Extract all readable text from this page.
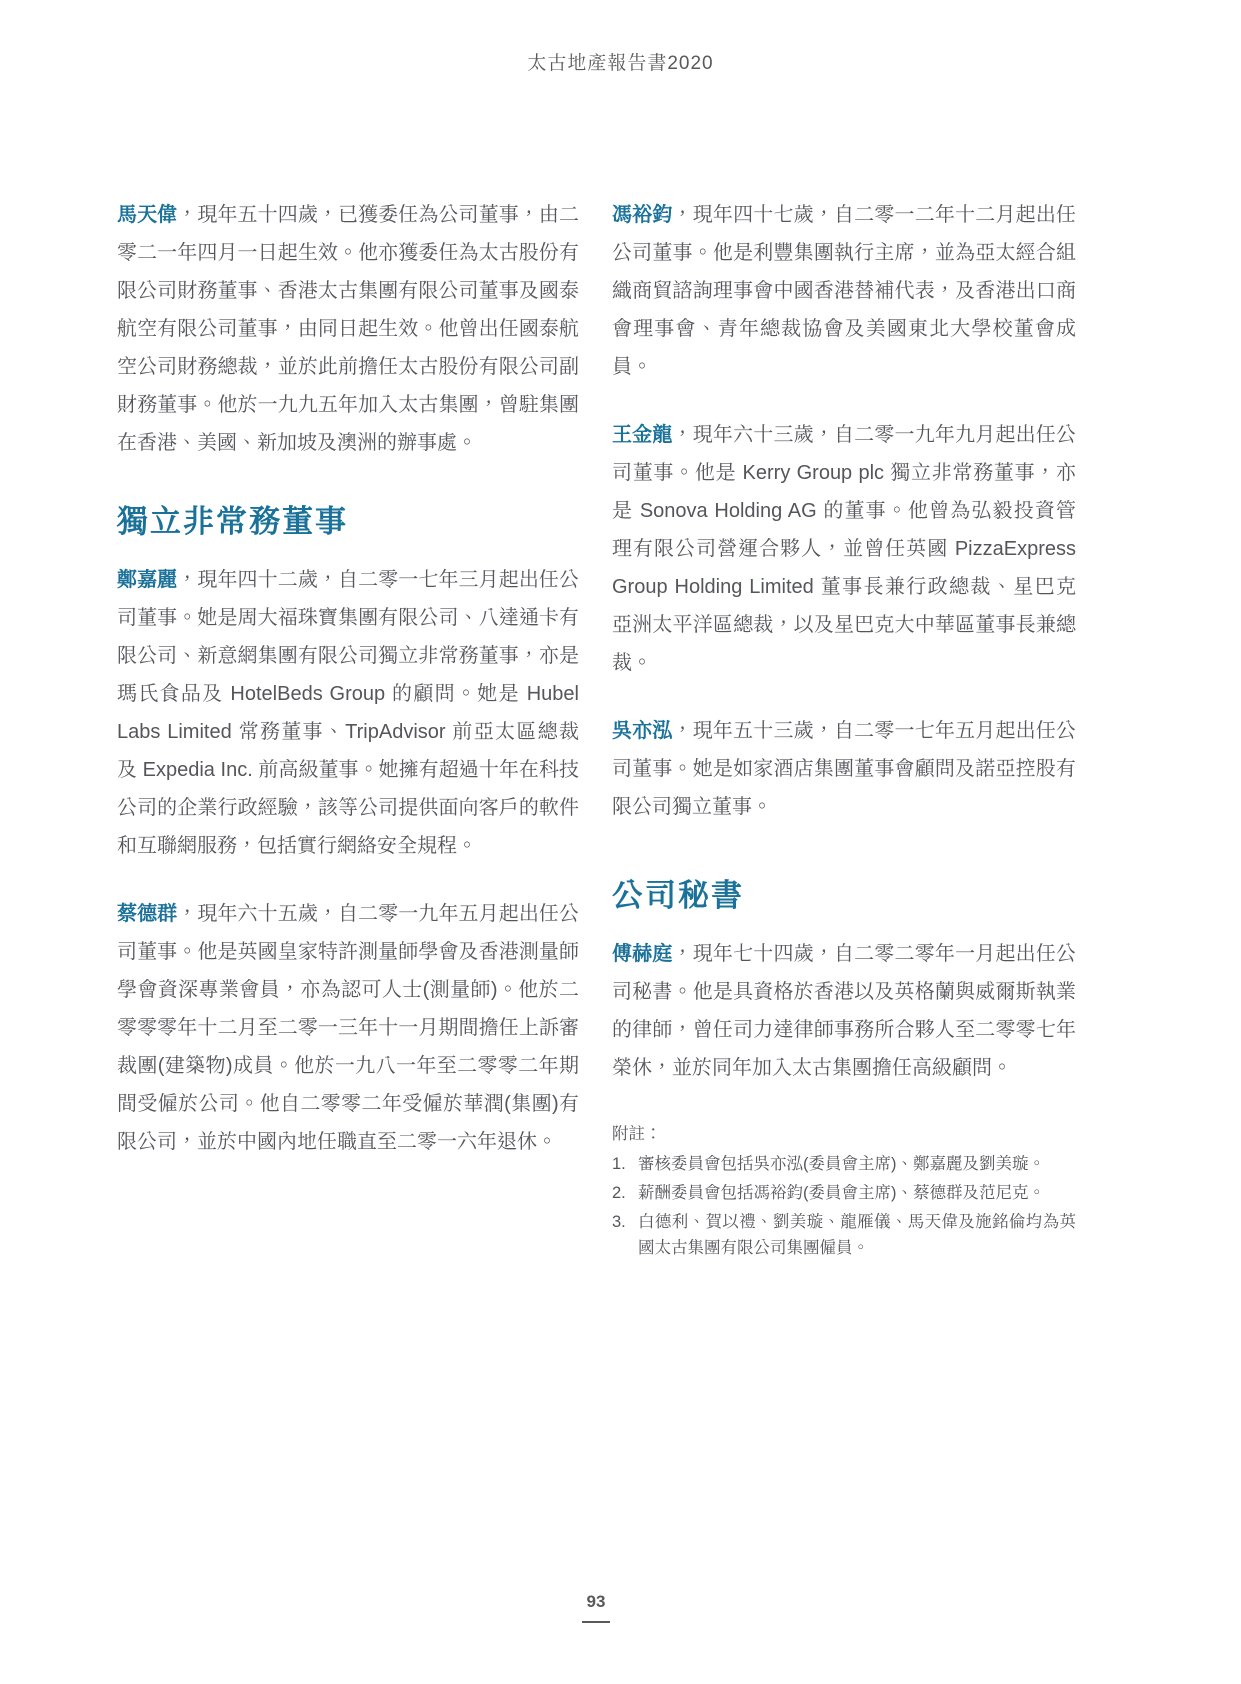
太古地產報告書2020

馬天偉，現年五十四歲，已獲委任為公司董事，由二零二一年四月一日起生效。他亦獲委任為太古股份有限公司財務董事、香港太古集團有限公司董事及國泰航空有限公司董事，由同日起生效。他曾出任國泰航空公司財務總裁，並於此前擔任太古股份有限公司副財務董事。他於一九九五年加入太古集團，曾駐集團在香港、美國、新加坡及澳洲的辦事處。

獨立非常務董事

鄭嘉麗，現年四十二歲，自二零一七年三月起出任公司董事。她是周大福珠寶集團有限公司、八達通卡有限公司、新意網集團有限公司獨立非常務董事，亦是瑪氏食品及 HotelBeds Group 的顧問。她是 Hubel Labs Limited 常務董事、TripAdvisor 前亞太區總裁及 Expedia Inc. 前高級董事。她擁有超過十年在科技公司的企業行政經驗，該等公司提供面向客戶的軟件和互聯網服務，包括實行網絡安全規程。

蔡德群，現年六十五歲，自二零一九年五月起出任公司董事。他是英國皇家特許測量師學會及香港測量師學會資深專業會員，亦為認可人士(測量師)。他於二零零零年十二月至二零一三年十一月期間擔任上訴審裁團(建築物)成員。他於一九八一年至二零零二年期間受僱於公司。他自二零零二年受僱於華潤(集團)有限公司，並於中國內地任職直至二零一六年退休。

馮裕鈞，現年四十七歲，自二零一二年十二月起出任公司董事。他是利豐集團執行主席，並為亞太經合組織商貿諮詢理事會中國香港替補代表，及香港出口商會理事會、青年總裁協會及美國東北大學校董會成員。

王金龍，現年六十三歲，自二零一九年九月起出任公司董事。他是 Kerry Group plc 獨立非常務董事，亦是 Sonova Holding AG 的董事。他曾為弘毅投資管理有限公司營運合夥人，並曾任英國 PizzaExpress Group Holding Limited 董事長兼行政總裁、星巴克亞洲太平洋區總裁，以及星巴克大中華區董事長兼總裁。

吳亦泓，現年五十三歲，自二零一七年五月起出任公司董事。她是如家酒店集團董事會顧問及諾亞控股有限公司獨立董事。

公司秘書

傅赫庭，現年七十四歲，自二零二零年一月起出任公司秘書。他是具資格於香港以及英格蘭與威爾斯執業的律師，曾任司力達律師事務所合夥人至二零零七年榮休，並於同年加入太古集團擔任高級顧問。

附註：
1. 審核委員會包括吳亦泓(委員會主席)、鄭嘉麗及劉美璇。
2. 薪酬委員會包括馮裕鈞(委員會主席)、蔡德群及范尼克。
3. 白德利、賀以禮、劉美璇、龍雁儀、馬天偉及施銘倫均為英國太古集團有限公司集團僱員。
93
